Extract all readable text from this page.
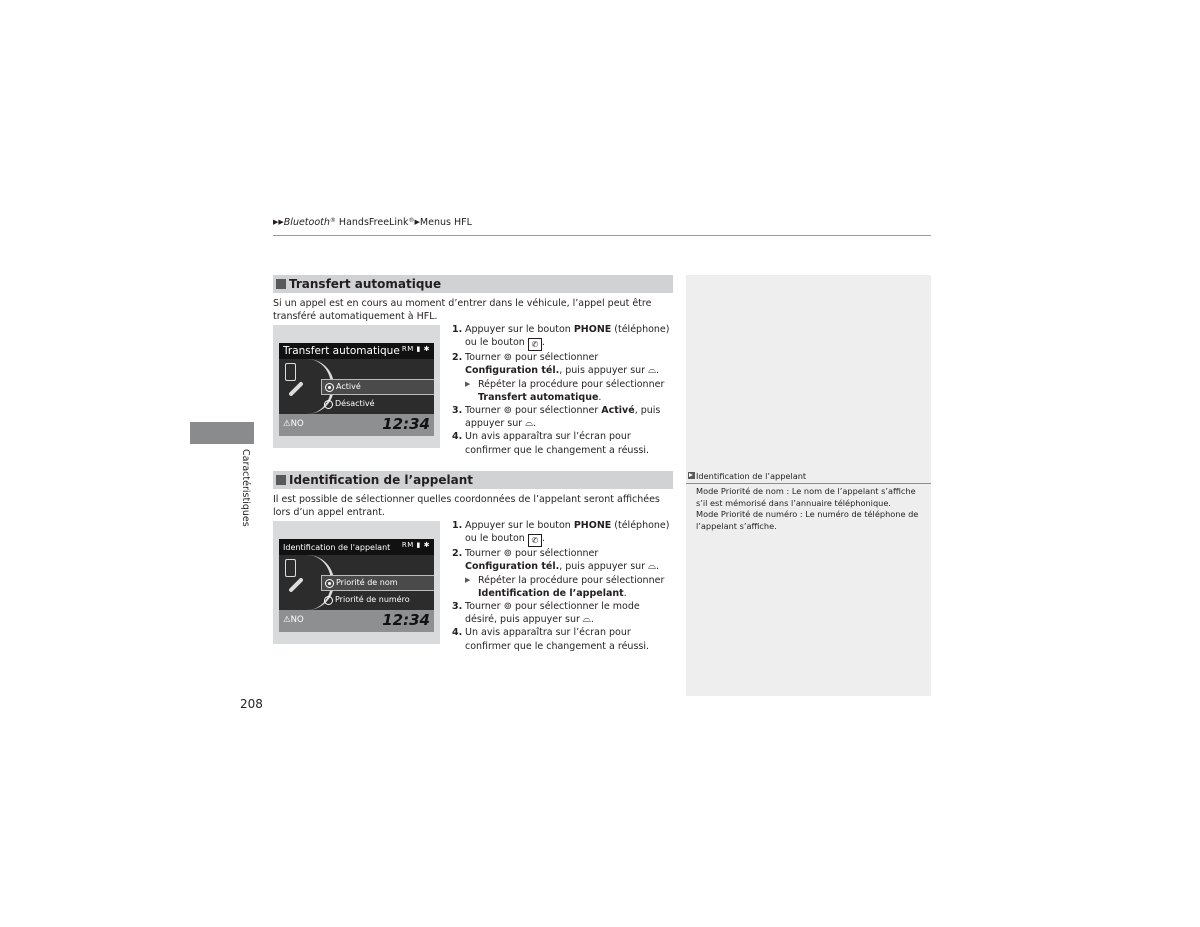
▶▶Bluetooth® HandsFreeLink®▶Menus HFL
Caractéristiques	Identification de l’appelant
Mode Priorité de nom : Le nom de l’appelant s’affiche s’il est mémorisé dans l’annuaire téléphonique.
Mode Priorité de numéro : Le numéro de téléphone de l’appelant s’affiche.
Transfert automatique
Si un appel est en cours au moment d’entrer dans le véhicule, l’appel peut être transféré automatiquement à HFL.
Transfert automatique RM ▮ ✱
Activé
Désactivé
⚠NO	12:34
1. Appuyer sur le bouton PHONE (téléphone) ou le bouton ✆ .
2. Tourner ⊚ pour sélectionner Configuration tél., puis appuyer sur ⌓.
▶ Répéter la procédure pour sélectionner Transfert automatique.
3. Tourner ⊚ pour sélectionner Activé, puis appuyer sur ⌓.
4. Un avis apparaîtra sur l’écran pour confirmer que le changement a réussi.
Identification de l’appelant
Il est possible de sélectionner quelles coordonnées de l’appelant seront affichées lors d’un appel entrant.
Identification de l'appelant RM ▮ ✱
Priorité de nom
Priorité de numéro
⚠NO	12:34
1. Appuyer sur le bouton PHONE (téléphone) ou le bouton ✆ .
2. Tourner ⊚ pour sélectionner Configuration tél., puis appuyer sur ⌓.
▶ Répéter la procédure pour sélectionner Identification de l’appelant.
3. Tourner ⊚ pour sélectionner le mode désiré, puis appuyer sur ⌓.
4. Un avis apparaîtra sur l’écran pour confirmer que le changement a réussi.
208
